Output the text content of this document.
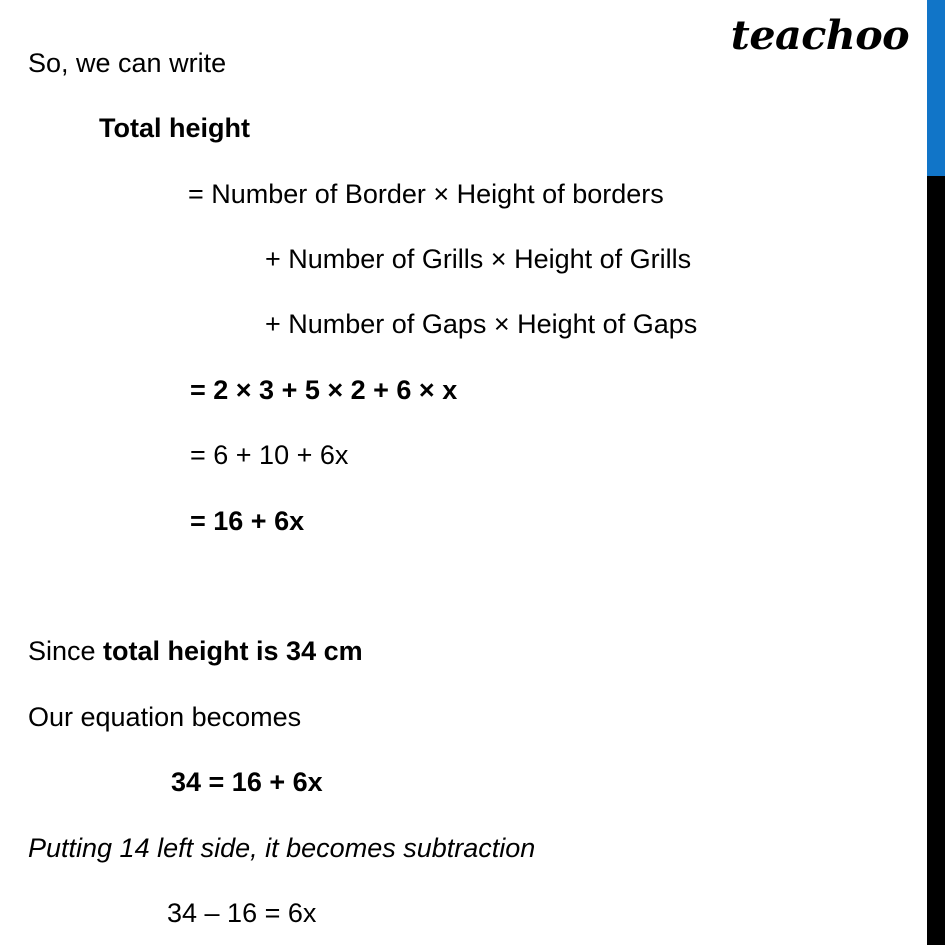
teachoo
So, we can write
Total height
= Number of Border × Height of borders
+ Number of Grills × Height of Grills
+ Number of Gaps × Height of Gaps
= 2 × 3 + 5 × 2 + 6 × x
= 6 + 10 + 6x
= 16 + 6x
Since total height is 34 cm
Our equation becomes
34 = 16 + 6x
Putting 14 left side, it becomes subtraction
34 – 16 = 6x
